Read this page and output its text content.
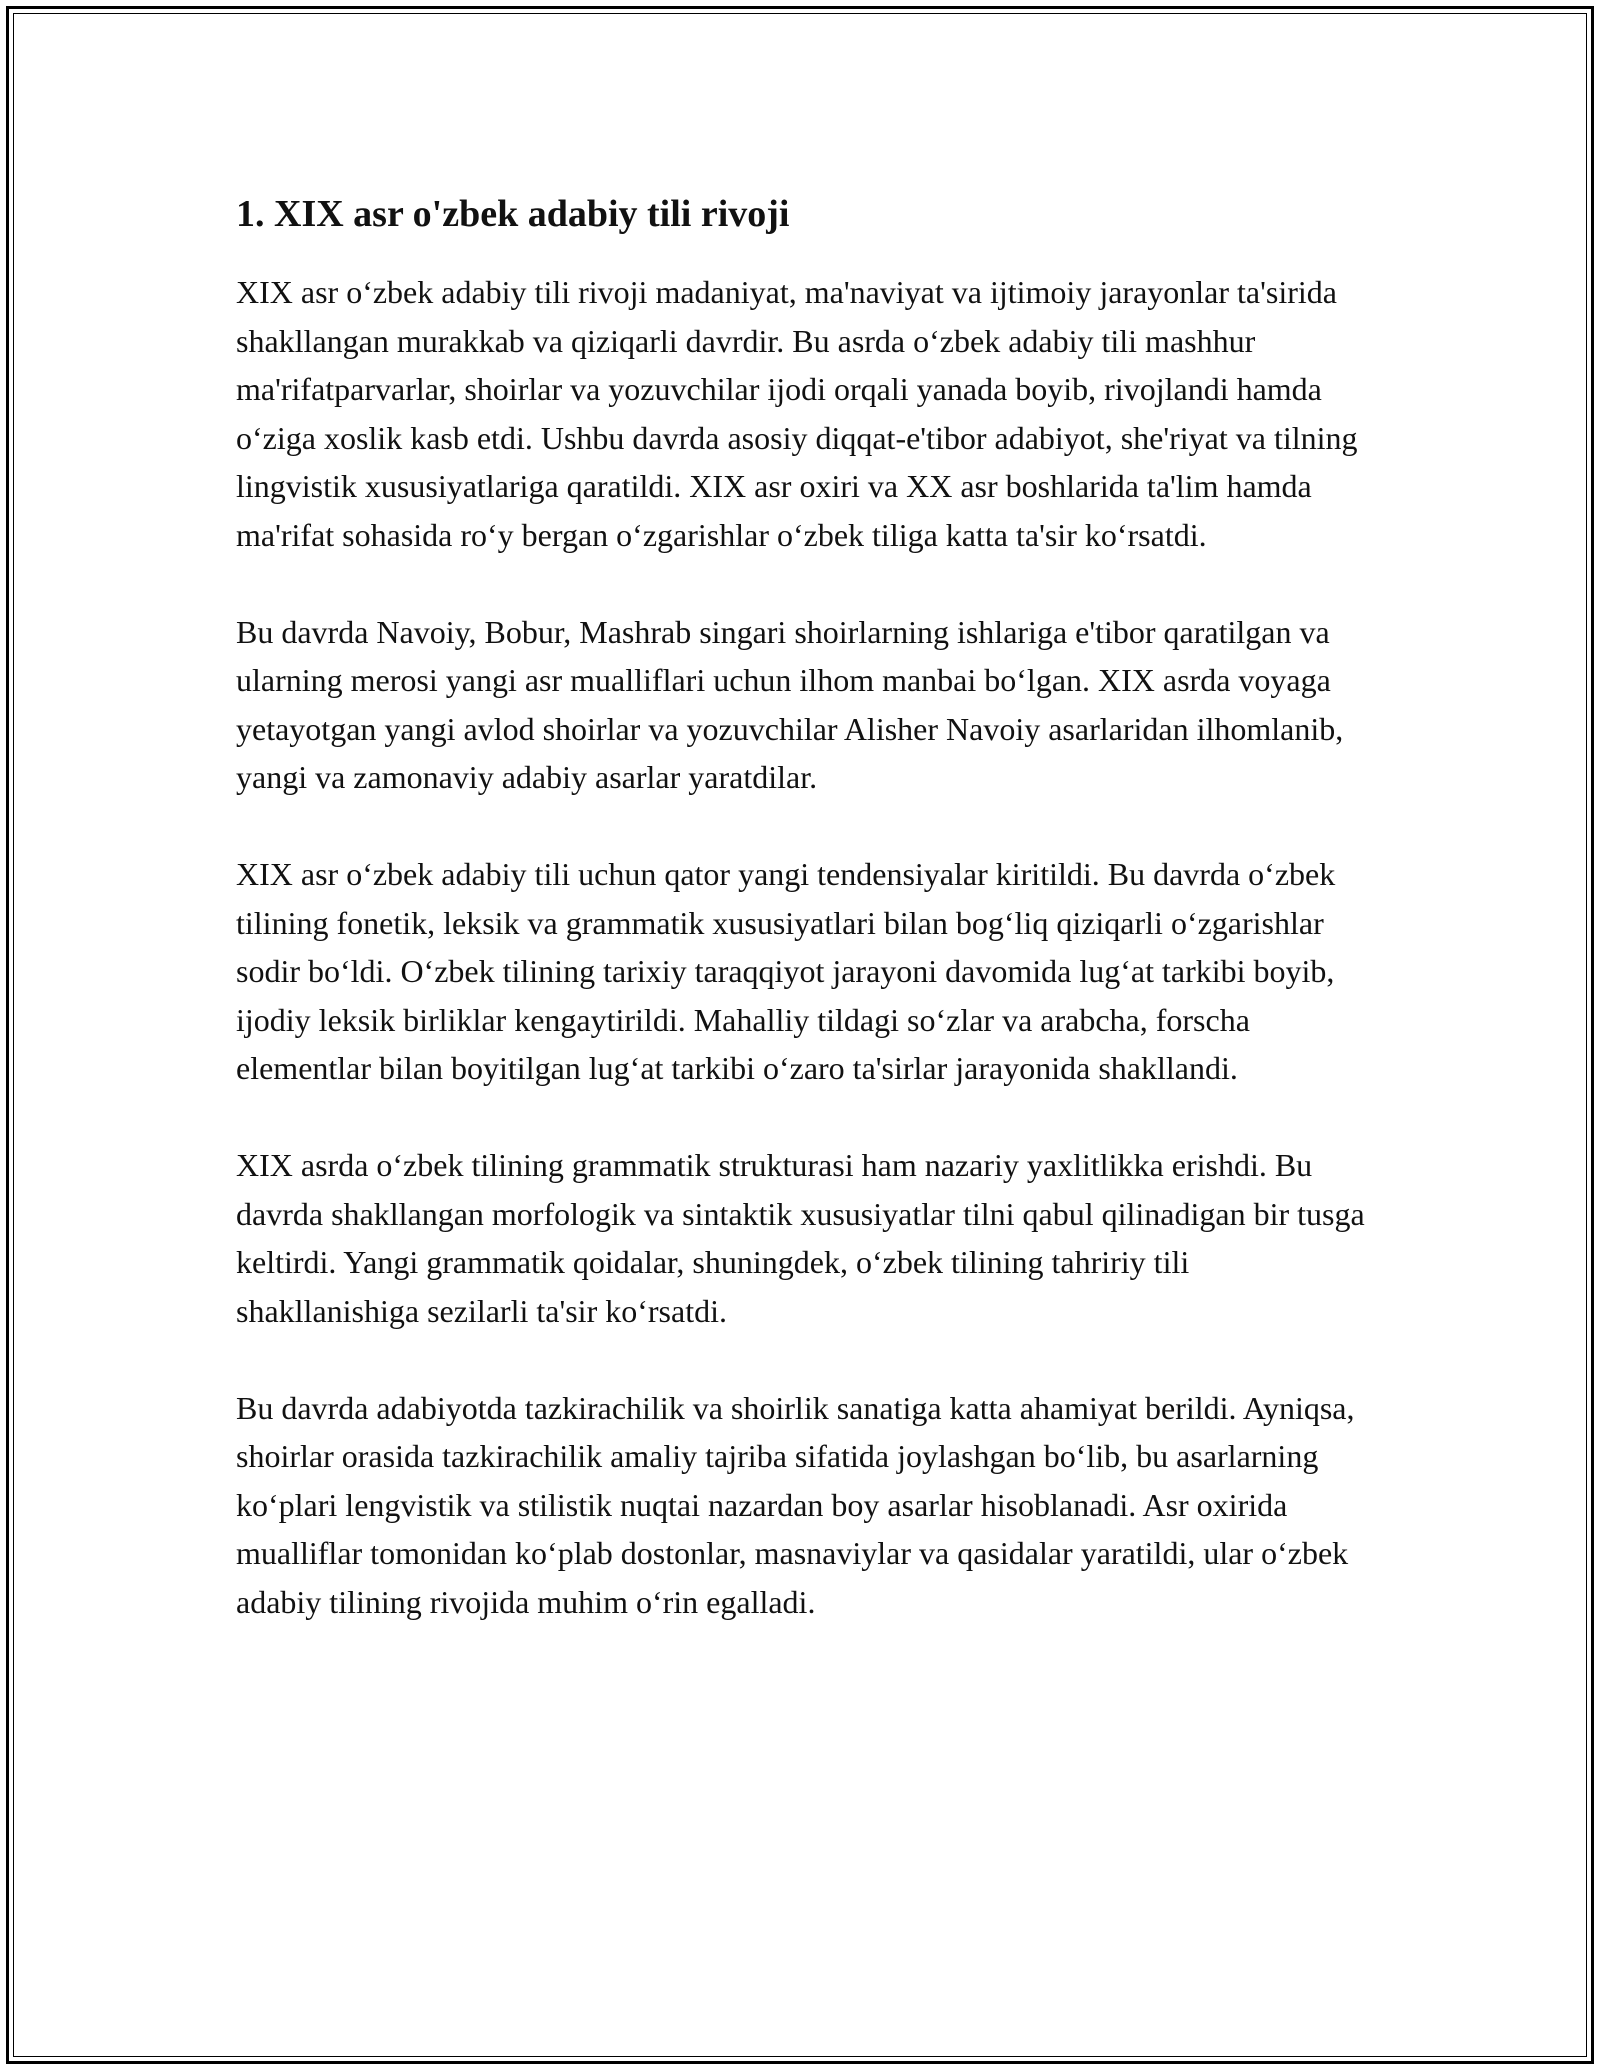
1. XIX asr o'zbek adabiy tili rivoji

XIX asr o‘zbek adabiy tili rivoji madaniyat, ma'naviyat va ijtimoiy jarayonlar ta'sirida shakllangan murakkab va qiziqarli davrdir. Bu asrda o‘zbek adabiy tili mashhur ma'rifatparvarlar, shoirlar va yozuvchilar ijodi orqali yanada boyib, rivojlandi hamda o‘ziga xoslik kasb etdi. Ushbu davrda asosiy diqqat-e'tibor adabiyot, she'riyat va tilning lingvistik xususiyatlariga qaratildi. XIX asr oxiri va XX asr boshlarida ta'lim hamda ma'rifat sohasida ro‘y bergan o‘zgarishlar o‘zbek tiliga katta ta'sir ko‘rsatdi.

Bu davrda Navoiy, Bobur, Mashrab singari shoirlarning ishlariga e'tibor qaratilgan va ularning merosi yangi asr mualliflari uchun ilhom manbai bo‘lgan. XIX asrda voyaga yetayotgan yangi avlod shoirlar va yozuvchilar Alisher Navoiy asarlaridan ilhomlanib, yangi va zamonaviy adabiy asarlar yaratdilar.

XIX asr o‘zbek adabiy tili uchun qator yangi tendensiyalar kiritildi. Bu davrda o‘zbek tilining fonetik, leksik va grammatik xususiyatlari bilan bog‘liq qiziqarli o‘zgarishlar sodir bo‘ldi. O‘zbek tilining tarixiy taraqqiyot jarayoni davomida lug‘at tarkibi boyib, ijodiy leksik birliklar kengaytirildi. Mahalliy tildagi so‘zlar va arabcha, forscha elementlar bilan boyitilgan lug‘at tarkibi o‘zaro ta'sirlar jarayonida shakllandi.

XIX asrda o‘zbek tilining grammatik strukturasi ham nazariy yaxlitlikka erishdi. Bu davrda shakllangan morfologik va sintaktik xususiyatlar tilni qabul qilinadigan bir tusga keltirdi. Yangi grammatik qoidalar, shuningdek, o‘zbek tilining tahririy tili shakllanishiga sezilarli ta'sir ko‘rsatdi.

Bu davrda adabiyotda tazkirachilik va shoirlik sanatiga katta ahamiyat berildi. Ayniqsa, shoirlar orasida tazkirachilik amaliy tajriba sifatida joylashgan bo‘lib, bu asarlarning ko‘plari lengvistik va stilistik nuqtai nazardan boy asarlar hisoblanadi. Asr oxirida mualliflar tomonidan ko‘plab dostonlar, masnaviylar va qasidalar yaratildi, ular o‘zbek adabiy tilining rivojida muhim o‘rin egalladi.
